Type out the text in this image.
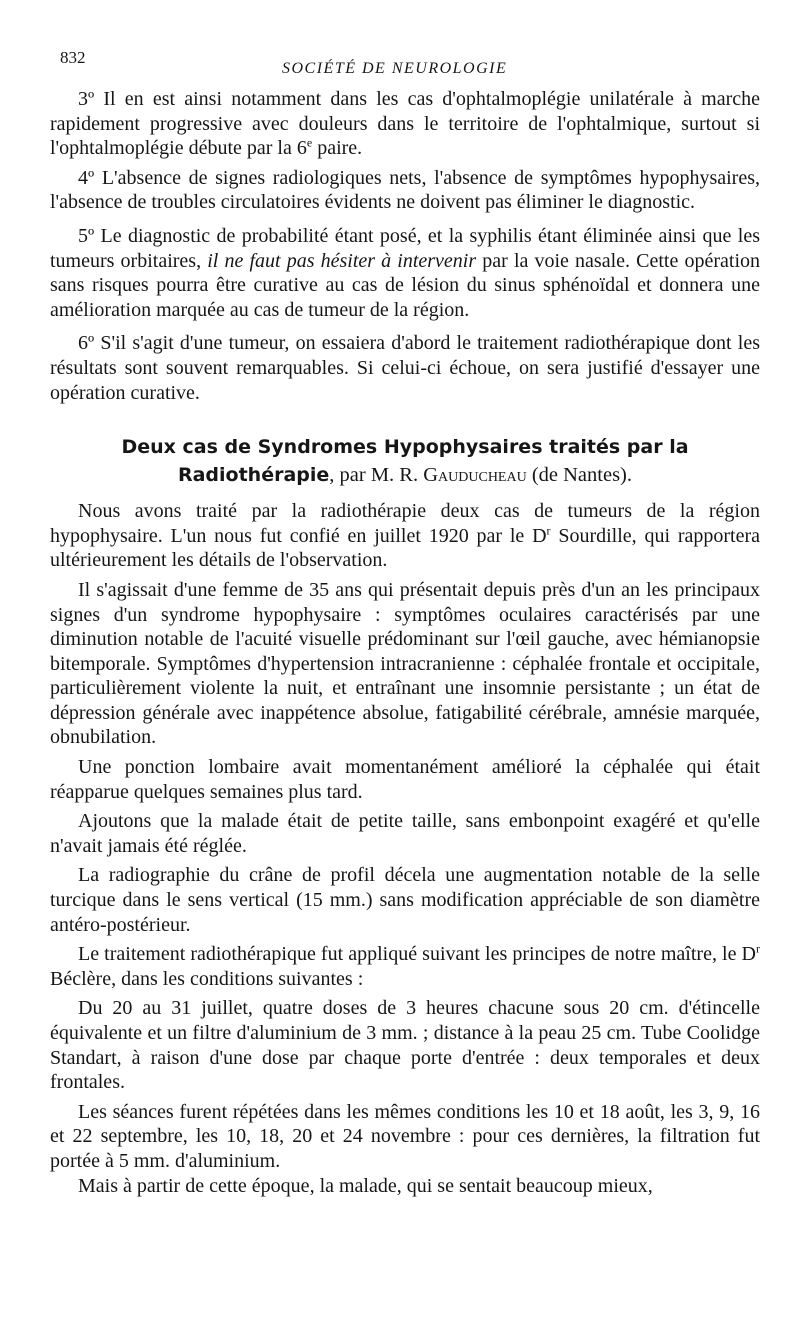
832
SOCIÉTÉ DE NEUROLOGIE

3º Il en est ainsi notamment dans les cas d'ophtalmoplégie unilatérale à marche rapidement progressive avec douleurs dans le territoire de l'ophtalmique, surtout si l'ophtalmoplégie débute par la 6e paire.

4º L'absence de signes radiologiques nets, l'absence de symptômes hypophysaires, l'absence de troubles circulatoires évidents ne doivent pas éliminer le diagnostic.

5º Le diagnostic de probabilité étant posé, et la syphilis étant éliminée ainsi que les tumeurs orbitaires, il ne faut pas hésiter à intervenir par la voie nasale. Cette opération sans risques pourra être curative au cas de lésion du sinus sphénoïdal et donnera une amélioration marquée au cas de tumeur de la région.

6º S'il s'agit d'une tumeur, on essaiera d'abord le traitement radiothérapique dont les résultats sont souvent remarquables. Si celui-ci échoue, on sera justifié d'essayer une opération curative.

Deux cas de Syndromes Hypophysaires traités par la Radiothérapie, par M. R. Gauducheau (de Nantes).

Nous avons traité par la radiothérapie deux cas de tumeurs de la région hypophysaire. L'un nous fut confié en juillet 1920 par le $D^r$ Sourdille, qui rapportera ultérieurement les détails de l'observation.

Il s'agissait d'une femme de 35 ans qui présentait depuis près d'un an les principaux signes d'un syndrome hypophysaire : symptômes oculaires caractérisés par une diminution notable de l'acuité visuelle prédominant sur l'œil gauche, avec hémianopsie bitemporale. Symptômes d'hypertension intracranienne : céphalée frontale et occipitale, particulièrement violente la nuit, et entraînant une insomnie persistante ; un état de dépression générale avec inappétence absolue, fatigabilité cérébrale, amnésie marquée, obnubilation.

Une ponction lombaire avait momentanément amélioré la céphalée qui était réapparue quelques semaines plus tard.

Ajoutons que la malade était de petite taille, sans embonpoint exagéré et qu'elle n'avait jamais été réglée.

La radiographie du crâne de profil décela une augmentation notable de la selle turcique dans le sens vertical (15 mm.) sans modification appréciable de son diamètre antéro-postérieur.

Le traitement radiothérapique fut appliqué suivant les principes de notre maître, le $D^r$ Béclère, dans les conditions suivantes :

Du 20 au 31 juillet, quatre doses de 3 heures chacune sous 20 cm. d'étincelle équivalente et un filtre d'aluminium de 3 mm. ; distance à la peau 25 cm. Tube Coolidge Standart, à raison d'une dose par chaque porte d'entrée : deux temporales et deux frontales.

Les séances furent répétées dans les mêmes conditions les 10 et 18 août, les 3, 9, 16 et 22 septembre, les 10, 18, 20 et 24 novembre : pour ces dernières, la filtration fut portée à 5 mm. d'aluminium.

Mais à partir de cette époque, la malade, qui se sentait beaucoup mieux,
